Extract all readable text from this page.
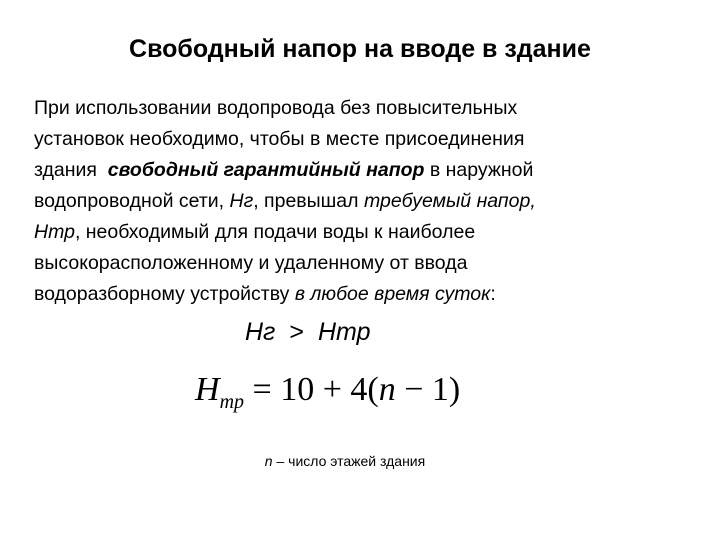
Свободный напор на вводе в здание

При использовании водопровода без повысительных
установок необходимо, чтобы в месте присоединения
здания  свободный гарантийный напор в наружной
водопроводной сети, Нг, превышал требуемый напор,
Нтр, необходимый для подачи воды к наиболее
высокорасположенному и удаленному от ввода
водоразборному устройству в любое время суток:

Нг > Нтр
$H_{mp} = 10 + 4(n - 1)$
n – число этажей здания
